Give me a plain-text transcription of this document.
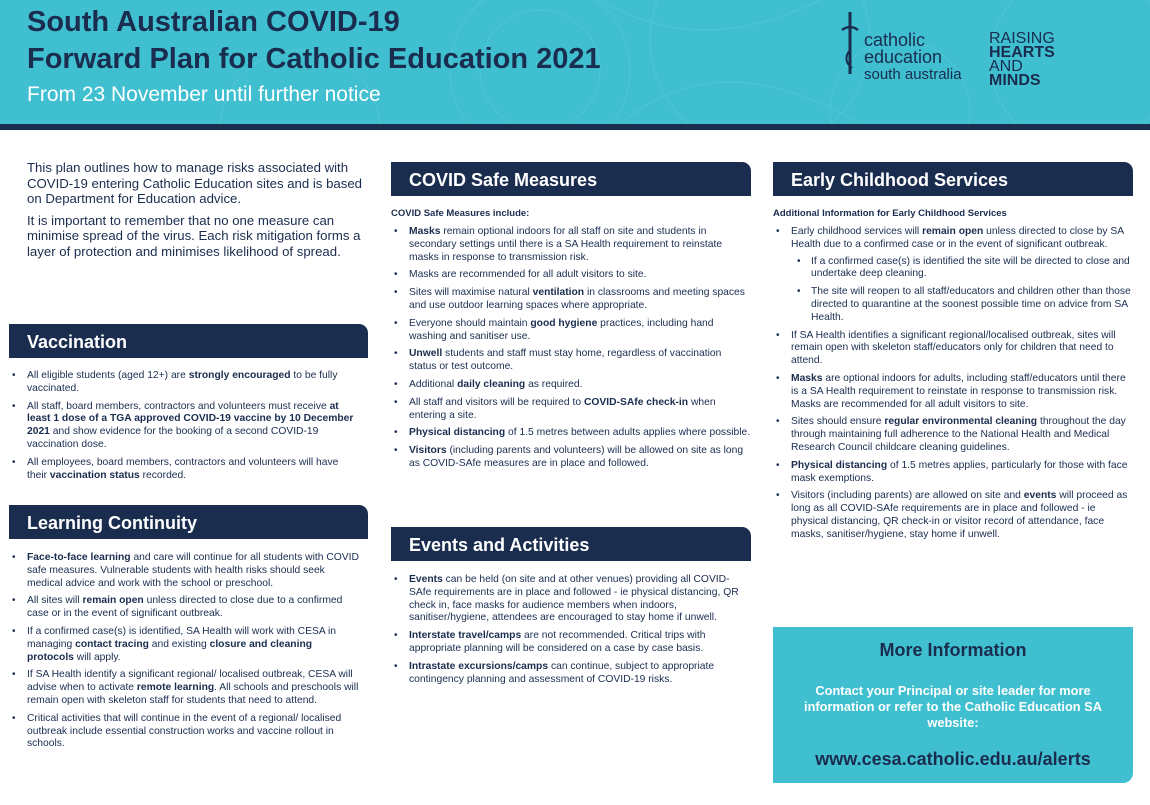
South Australian COVID-19
Forward Plan for Catholic Education 2021
From 23 November until further notice
catholic
education
south australia
RAISING
HEARTS
AND
MINDS

This plan outlines how to manage risks associated with COVID-19 entering Catholic Education sites and is based on Department for Education advice.

It is important to remember that no one measure can minimise spread of the virus. Each risk mitigation forms a layer of protection and minimises likelihood of spread.

Vaccination
• All eligible students (aged 12+) are strongly encouraged to be fully vaccinated.
• All staff, board members, contractors and volunteers must receive at least 1 dose of a TGA approved COVID-19 vaccine by 10 December 2021 and show evidence for the booking of a second COVID-19 vaccination dose.
• All employees, board members, contractors and volunteers will have their vaccination status recorded.
Learning Continuity
• Face-to-face learning and care will continue for all students with COVID safe measures. Vulnerable students with health risks should seek medical advice and work with the school or preschool.
• All sites will remain open unless directed to close due to a confirmed case or in the event of significant outbreak.
• If a confirmed case(s) is identified, SA Health will work with CESA in managing contact tracing and existing closure and cleaning protocols will apply.
• If SA Health identify a significant regional/ localised outbreak, CESA will advise when to activate remote learning. All schools and preschools will remain open with skeleton staff for students that need to attend.
• Critical activities that will continue in the event of a regional/ localised outbreak include essential construction works and vaccine rollout in schools.
COVID Safe Measures
COVID Safe Measures include:
• Masks remain optional indoors for all staff on site and students in secondary settings until there is a SA Health requirement to reinstate masks in response to transmission risk.
• Masks are recommended for all adult visitors to site.
• Sites will maximise natural ventilation in classrooms and meeting spaces and use outdoor learning spaces where appropriate.
• Everyone should maintain good hygiene practices, including hand washing and sanitiser use.
• Unwell students and staff must stay home, regardless of vaccination status or test outcome.
• Additional daily cleaning as required.
• All staff and visitors will be required to COVID-SAfe check-in when entering a site.
• Physical distancing of 1.5 metres between adults applies where possible.
• Visitors (including parents and volunteers) will be allowed on site as long as COVID-SAfe measures are in place and followed.
Events and Activities
• Events can be held (on site and at other venues) providing all COVID-SAfe requirements are in place and followed - ie physical distancing, QR check in, face masks for audience members when indoors, sanitiser/hygiene, attendees are encouraged to stay home if unwell.
• Interstate travel/camps are not recommended. Critical trips with appropriate planning will be considered on a case by case basis.
• Intrastate excursions/camps can continue, subject to appropriate contingency planning and assessment of COVID-19 risks.
Early Childhood Services
Additional Information for Early Childhood Services
• Early childhood services will remain open unless directed to close by SA Health due to a confirmed case or in the event of significant outbreak.
• If a confirmed case(s) is identified the site will be directed to close and undertake deep cleaning.
• The site will reopen to all staff/educators and children other than those directed to quarantine at the soonest possible time on advice from SA Health.
• If SA Health identifies a significant regional/localised outbreak, sites will remain open with skeleton staff/educators only for children that need to attend.
• Masks are optional indoors for adults, including staff/educators until there is a SA Health requirement to reinstate in response to transmission risk. Masks are recommended for all adult visitors to site.
• Sites should ensure regular environmental cleaning throughout the day through maintaining full adherence to the National Health and Medical Research Council childcare cleaning guidelines.
• Physical distancing of 1.5 metres applies, particularly for those with face mask exemptions.
• Visitors (including parents) are allowed on site and events will proceed as long as all COVID-SAfe requirements are in place and followed - ie physical distancing, QR check-in or visitor record of attendance, face masks, sanitiser/hygiene, stay home if unwell.
More Information
Contact your Principal or site leader for more information or refer to the Catholic Education SA website:
www.cesa.catholic.edu.au/alerts
